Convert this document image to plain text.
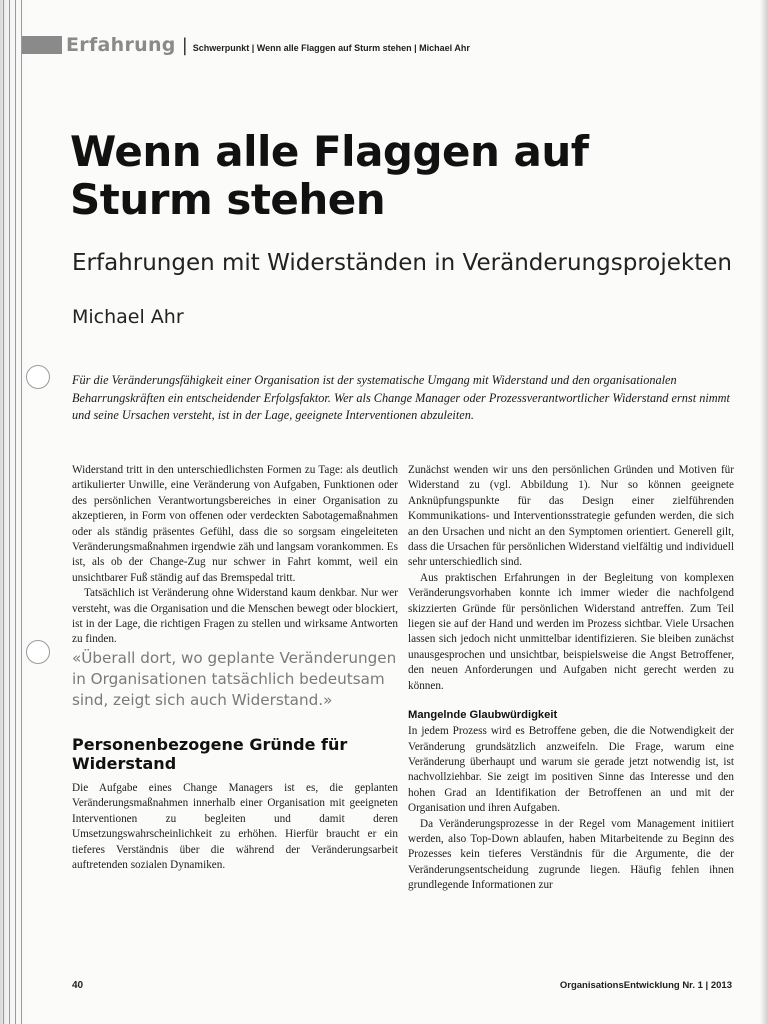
Erfahrung | Schwerpunkt | Wenn alle Flaggen auf Sturm stehen | Michael Ahr
Wenn alle Flaggen auf Sturm stehen
Erfahrungen mit Widerständen in Veränderungsprojekten
Michael Ahr

Für die Veränderungsfähigkeit einer Organisation ist der systematische Umgang mit Widerstand und den organisationalen Beharrungskräften ein entscheidender Erfolgsfaktor. Wer als Change Manager oder Prozessverantwortlicher Widerstand ernst nimmt und seine Ursachen versteht, ist in der Lage, geeignete Interventionen abzuleiten.

Widerstand tritt in den unterschiedlichsten Formen zu Tage: als deutlich artikulierter Unwille, eine Veränderung von Aufgaben, Funktionen oder des persönlichen Verantwortungsbereiches in einer Organisation zu akzeptieren, in Form von offenen oder verdeckten Sabotagemaßnahmen oder als ständig präsentes Gefühl, dass die so sorgsam eingeleiteten Veränderungsmaßnahmen irgendwie zäh und langsam vorankommen. Es ist, als ob der Change-Zug nur schwer in Fahrt kommt, weil ein unsichtbarer Fuß ständig auf das Bremspedal tritt.

Tatsächlich ist Veränderung ohne Widerstand kaum denkbar. Nur wer versteht, was die Organisation und die Menschen bewegt oder blockiert, ist in der Lage, die richtigen Fragen zu stellen und wirksame Antworten zu finden.

«Überall dort, wo geplante Veränderungen in Organisationen tatsächlich bedeutsam sind, zeigt sich auch Widerstand.»

Personenbezogene Gründe für Widerstand

Die Aufgabe eines Change Managers ist es, die geplanten Veränderungsmaßnahmen innerhalb einer Organisation mit geeigneten Interventionen zu begleiten und damit deren Umsetzungswahrscheinlichkeit zu erhöhen. Hierfür braucht er ein tieferes Verständnis über die während der Veränderungsarbeit auftretenden sozialen Dynamiken.

Zunächst wenden wir uns den persönlichen Gründen und Motiven für Widerstand zu (vgl. Abbildung 1). Nur so können geeignete Anknüpfungspunkte für das Design einer zielführenden Kommunikations- und Interventionsstrategie gefunden werden, die sich an den Ursachen und nicht an den Symptomen orientiert. Generell gilt, dass die Ursachen für persönlichen Widerstand vielfältig und individuell sehr unterschiedlich sind.

Aus praktischen Erfahrungen in der Begleitung von komplexen Veränderungsvorhaben konnte ich immer wieder die nachfolgend skizzierten Gründe für persönlichen Widerstand antreffen. Zum Teil liegen sie auf der Hand und werden im Prozess sichtbar. Viele Ursachen lassen sich jedoch nicht unmittelbar identifizieren. Sie bleiben zunächst unausgesprochen und unsichtbar, beispielsweise die Angst Betroffener, den neuen Anforderungen und Aufgaben nicht gerecht werden zu können.

Mangelnde Glaubwürdigkeit

In jedem Prozess wird es Betroffene geben, die die Notwendigkeit der Veränderung grundsätzlich anzweifeln. Die Frage, warum eine Veränderung überhaupt und warum sie gerade jetzt notwendig ist, ist nachvollziehbar. Sie zeigt im positiven Sinne das Interesse und den hohen Grad an Identifikation der Betroffenen an und mit der Organisation und ihren Aufgaben.

Da Veränderungsprozesse in der Regel vom Management initiiert werden, also Top-Down ablaufen, haben Mitarbeitende zu Beginn des Prozesses kein tieferes Verständnis für die Argumente, die der Veränderungsentscheidung zugrunde liegen. Häufig fehlen ihnen grundlegende Informationen zur

40	OrganisationsEntwicklung Nr. 1 | 2013
